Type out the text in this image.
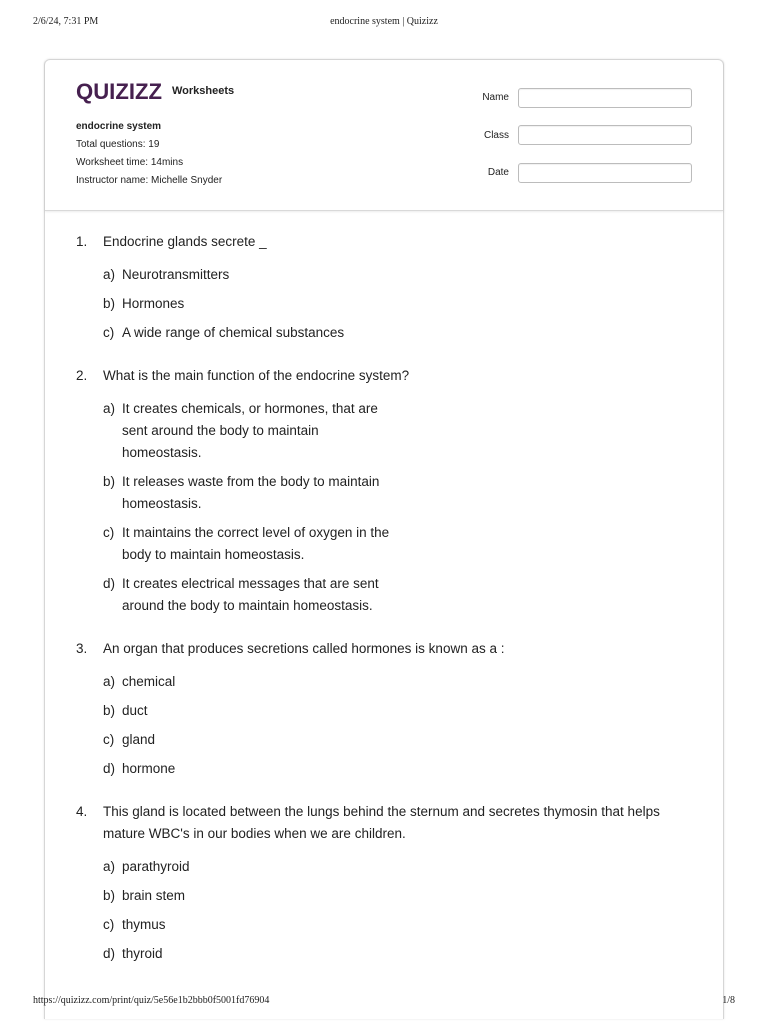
2/6/24, 7:31 PM	endocrine system | Quizizz
QUIZIZZ Worksheets
endocrine system
Total questions: 19
Worksheet time: 14mins
Instructor name: Michelle Snyder
Name
Class
Date
1.	Endocrine glands secrete _
a) Neurotransmitters
b) Hormones
c) A wide range of chemical substances
2.	What is the main function of the endocrine system?
a) It creates chemicals, or hormones, that are sent around the body to maintain homeostasis.
b) It releases waste from the body to maintain homeostasis.
c) It maintains the correct level of oxygen in the body to maintain homeostasis.
d) It creates electrical messages that are sent around the body to maintain homeostasis.
3.	An organ that produces secretions called hormones is known as a :
a) chemical
b) duct
c) gland
d) hormone
4.	This gland is located between the lungs behind the sternum and secretes thymosin that helps mature WBC's in our bodies when we are children.
a) parathyroid
b) brain stem
c) thymus
d) thyroid
https://quizizz.com/print/quiz/5e56e1b2bbb0f5001fd76904	1/8
